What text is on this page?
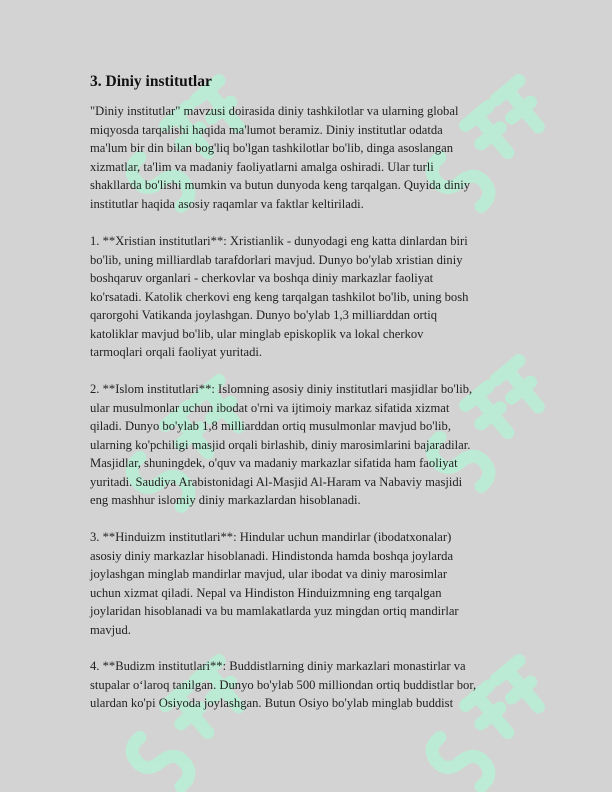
3. Diniy institutlar
"Diniy institutlar" mavzusi doirasida diniy tashkilotlar va ularning global
miqyosda tarqalishi haqida ma'lumot beramiz. Diniy institutlar odatda
ma'lum bir din bilan bog'liq bo'lgan tashkilotlar bo'lib, dinga asoslangan
xizmatlar, ta'lim va madaniy faoliyatlarni amalga oshiradi. Ular turli
shakllarda bo'lishi mumkin va butun dunyoda keng tarqalgan. Quyida diniy
institutlar haqida asosiy raqamlar va faktlar keltiriladi.
1. **Xristian institutlari**: Xristianlik - dunyodagi eng katta dinlardan biri
bo'lib, uning milliardlab tarafdorlari mavjud. Dunyo bo'ylab xristian diniy
boshqaruv organlari - cherkovlar va boshqa diniy markazlar faoliyat
ko'rsatadi. Katolik cherkovi eng keng tarqalgan tashkilot bo'lib, uning bosh
qarorgohi Vatikanda joylashgan. Dunyo bo'ylab 1,3 milliarddan ortiq
katoliklar mavjud bo'lib, ular minglab episkoplik va lokal cherkov
tarmoqlari orqali faoliyat yuritadi.
2. **Islom institutlari**: Islomning asosiy diniy institutlari masjidlar bo'lib,
ular musulmonlar uchun ibodat o'rni va ijtimoiy markaz sifatida xizmat
qiladi. Dunyo bo'ylab 1,8 milliarddan ortiq musulmonlar mavjud bo'lib,
ularning ko'pchiligi masjid orqali birlashib, diniy marosimlarini bajaradilar.
Masjidlar, shuningdek, o'quv va madaniy markazlar sifatida ham faoliyat
yuritadi. Saudiya Arabistonidagi Al-Masjid Al-Haram va Nabaviy masjidi
eng mashhur islomiy diniy markazlardan hisoblanadi.
3. **Hinduizm institutlari**: Hindular uchun mandirlar (ibodatxonalar)
asosiy diniy markazlar hisoblanadi. Hindistonda hamda boshqa joylarda
joylashgan minglab mandirlar mavjud, ular ibodat va diniy marosimlar
uchun xizmat qiladi. Nepal va Hindiston Hinduizmning eng tarqalgan
joylaridan hisoblanadi va bu mamlakatlarda yuz mingdan ortiq mandirlar
mavjud.
4. **Budizm institutlari**: Buddistlarning diniy markazlari monastirlar va
stupalar oʻlaroq tanilgan. Dunyo bo'ylab 500 milliondan ortiq buddistlar bor,
ulardan ko'pi Osiyoda joylashgan. Butun Osiyo bo'ylab minglab buddist
